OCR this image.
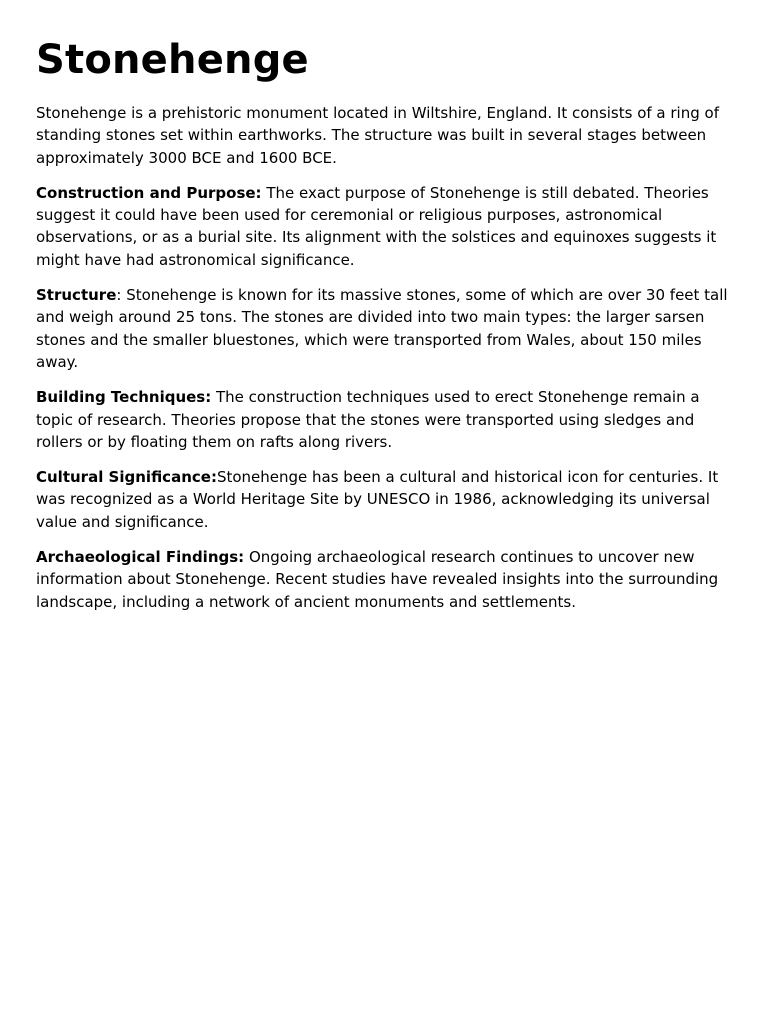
Stonehenge

Stonehenge is a prehistoric monument located in Wiltshire, England. It consists of a ring of standing stones set within earthworks. The structure was built in several stages between approximately 3000 BCE and 1600 BCE.

Construction and Purpose: The exact purpose of Stonehenge is still debated. Theories suggest it could have been used for ceremonial or religious purposes, astronomical observations, or as a burial site. Its alignment with the solstices and equinoxes suggests it might have had astronomical significance.

Structure: Stonehenge is known for its massive stones, some of which are over 30 feet tall and weigh around 25 tons. The stones are divided into two main types: the larger sarsen stones and the smaller bluestones, which were transported from Wales, about 150 miles away.

Building Techniques: The construction techniques used to erect Stonehenge remain a topic of research. Theories propose that the stones were transported using sledges and rollers or by floating them on rafts along rivers.

Cultural Significance:Stonehenge has been a cultural and historical icon for centuries. It was recognized as a World Heritage Site by UNESCO in 1986, acknowledging its universal value and significance.

Archaeological Findings: Ongoing archaeological research continues to uncover new information about Stonehenge. Recent studies have revealed insights into the surrounding landscape, including a network of ancient monuments and settlements.
